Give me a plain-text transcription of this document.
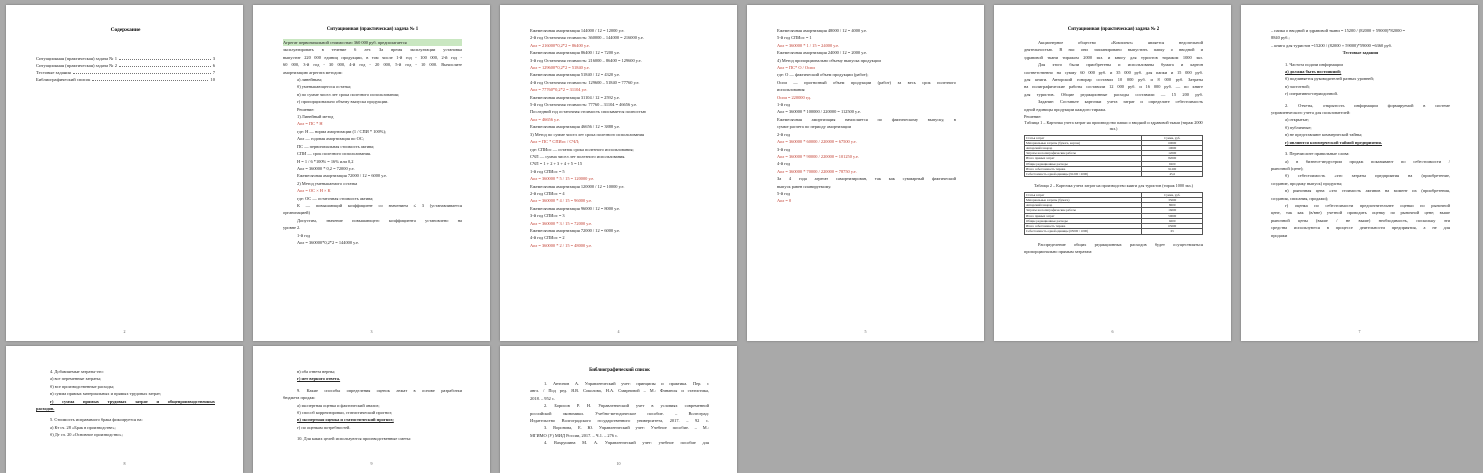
Содержание
Ситуационная (практическая) задача № 1	3
Ситуационная (практическая) задача № 2	6
Тестовые задания	7
Библиографический список	10
2
Ситуационная (практическая) задача № 1
Агрегат первоначальной стоимостью 360 000 руб. предполагается
эксплуатировать в течение 6 лет. За время эксплуатации установка
выпустит 220 000 единиц продукции, в том числе 1-й год - 100 000, 2-й год -
60 000, 3-й год - 30 000, 4-й год - 20 000, 5-й год - 10 000. Вычислите
амортизацию агрегата методом:
а) линейным;
б) уменьшающегося остатка;
в) по сумме чисел лет срока полезного использования;
г) пропорционально объему выпуска продукции.
Решение:
1) Линейный метод
Аол = ПС * Н
где: Н — норма амортизации (1 / СПИ * 100%);
Аол — годовая амортизация по ОС;
ПС — первоначальная стоимость актива;
СПИ — срок полезного использования.
Н = 1 / 6 *100% = 16% или 0,2
Аол = 360000 * 0,2 = 72000 у.е.
Ежемесячная амортизация 72000 / 12 = 6000 у.е.
2) Метод уменьшаемого остатка
Аол = ОС × Н × К
где: ОС — остаточная стоимость актива;
К — повышающий коэффициент со значением ≤ 3 (устанавливается
организацией)
Допустим, значение повышающего коэффициента установлено на
уровне 2.
1-й год
Аол = 360000*0,2*2 = 144000 у.е.
3
Ежемесячная амортизация 144000 / 12 = 12000 у.е.
2-й год Остаточная стоимость: 360000 – 144000 = 216000 у.е.
Аол = 216000*0,2*2 = 86400 у.е.
Ежемесячная амортизация 86400 / 12 = 7200 у.е.
3-й год Остаточная стоимость: 216000 – 86400 = 129600 у.е.
Аол = 129600*0,2*2 = 51840 у.е.
Ежемесячная амортизация 51840 / 12 = 4320 у.е.
4-й год Остаточная стоимость: 129600 – 51840 = 77760 у.е.
Аол = 77760*0,2*2 = 31104 у.е.
Ежемесячная амортизация 31104 / 12 = 2592 у.е.
5-й год Остаточная стоимость: 77760 – 31104 = 46656 у.е.
Последний год остаточная стоимость списывается полностью
Аол = 46656 у.е.
Ежемесячная амортизация 46656 / 12 = 3888 у.е.
3) Метод по сумме чисел лет срока полезного использования
Аол = ПС * СПИос / СЧЛ;
где: СПИос — остаток срока полезного использования;
СЧЛ — сумма чисел лет полезного использования.
СЧЛ = 1 + 2 + 3 + 4 + 5 = 15
1-й год СПИос = 5
Аол = 360000 * 5 / 15 = 120000 у.е.
Ежемесячная амортизация 120000 / 12 = 10000 у.е.
2-й год СПИос = 4
Аол = 360000 * 4 / 15 = 96000 у.е.
Ежемесячная амортизация 96000 / 12 = 8000 у.е.
3-й год СПИос = 3
Аол = 360000 * 3 / 15 = 72000 у.е.
Ежемесячная амортизация 72000 / 12 = 6000 у.е.
4-й год СПИос = 2
Аол = 360000 * 2 / 15 = 48000 у.е.
4
Ежемесячная амортизация 48000 / 12 = 4000 у.е.
5-й год СПИос = 1
Аол = 360000 * 1 / 15 = 24000 у.е.
Ежемесячная амортизация 24000 / 12 = 2000 у.е.
4) Метод пропорционально объему выпуска продукции
Аол = ПС* О / Оспи
где: О — фактический объем продукции (работ);
Оспи — прогнозный объем продукции (работ) за весь срок полезного
использования
Оспи = 220000 ед.
1-й год
Аол = 360000 * 100000 / 220000 = 112500 у.е.
Ежемесячная амортизация начисляется по фактическому выпуску, в
сумме расчета по периоду амортизации
2-й год
Аол = 360000 * 60000 / 220000 = 67500 у.е.
3-й год
Аол = 360000 * 90000 / 220000 = 101250 у.е.
4-й год
Аол = 360000 * 70000 / 220000 = 78750 у.е.
За 4 года агрегат самортизирован, так как суммарный фактический
выпуск равен планируемому.
5-й год
Аол = 0
5
Ситуационная (практическая) задача № 2
Акционерное общество «Комплект» является недопельной
деятельностью. В нас они запланировано выпустить папку о вводной и
здравовой ткани тиражом 2000 экз. и книгу для туристов тиражом 1000 экз.
Для этого были приобретены и использованы бумага и картон
соответственно на сумму 60 000 руб. и 35 000 руб. для папки и 15 000 руб.
для книги. Авторский гонорар составил 10 000 руб. и 8 000 руб. Затраты
на полиграфические работы составили 12 000 руб. и 16 000 руб. — по книге
для туристов. Общие редакционные расходы составили — 15 200 руб.
Задание: Составьте карточки учета затрат и определите себестоимость
одной единицы продукции каждого тиража.
Решение:
Таблица 1 – Карточка учета затрат на производство папки о вводной и здравовой ткани (тираж 2000 экз.)
Статья затрат	Сумма, руб.
Материальные затраты (бумага, картон)	60000
Авторский гонорар	10000
Затраты на полиграфические работы	12000
Итого прямых затрат	82000
Общие редакционные расходы	9200
Итого себестоимость тиража	91200
Себестоимость одной единицы (91200 / 2000)	45,6
Таблица 2 – Карточка учета затрат на производство книги для туристов (тираж 1000 экз.)
Статья затрат	Сумма, руб.
Материальные затраты (бумага)	35000
Авторский гонорар	8000
Затраты на полиграфические работы	16000
Итого прямых затрат	59000
Общие редакционные расходы	6000
Итого себестоимость тиража	65000
Себестоимость одной единицы (65000 / 1000)	65
Распределение общих редакционных расходов будет осуществляться
пропорционально прямым затратам:
6
– папка о вводной и здравовой ткани = 15200 / (82000 + 59000)*82000 =
8840 руб.;
– книга для туристов =15200 / (82000 + 59000)*59000 =6360 руб.
Тестовые задания
1. Частота подачи информации
а) должна быть постоянной;
б) подчиняется руководителей разных уровней;
в) частотной;
г) оперативно-периодичной.
2. Отчеты, открытость информации формируемой в системе
управленческого учета для пользователей:
а) открытые;
б) публичные;
в) не представляют коммерческой тайны;
г) являются коммерческой тайной предприятия.
3. Перечислите правильные слова:
а) в бизнесе-индустрии продаж показывают по себестоимости /
рыночной (цене);
б) себестоимость «это затраты предприятия на (приобретение,
создание, продажу выпуск) продукты;
в) рыночная цена «это стоимость активов на момент их (приобретения,
создания, списания, продажи);
г) оценка по себестоимости предпочтительнее оценки по рыночной
цене, так как (в/вне) учетной проводить оценку по рыночной цене; выше
рыночной цены (выше / не выше) необходимость, поскольку эти
средства используются в процессе деятельности предприятия, а не для
продажи
7
4. Добавляемые затраты-это:
а) все переменные затраты;
б) все производственные расходы;
в) сумма прямых материальных и прямых трудовых затрат;
г) сумма прямых трудовых затрат и общепроизводственных
расходов.
5. Стоимость исправимого брака фиксируется на:
а) Кт сч. 28 «Брак в производстве»;
б) Дт сч. 20 «Основное производство»;
8
в) оба ответа верны;
г) нет верного ответа.
9. Какие способы определения оценок лежат в основе разработки
бюджета продаж:
а) экспертная оценка и фактический анализ;
б) способ корректировки, статистический прогноз;
в) экспертная оценка и статистический прогноз;
г) по оценкам потребностей.
10. Для каких целей используются производственные сметы:
9
Библиографический список
1. Антонов А. Управленческий учет: принципы и практика. Пер. с
англ. / Под ред. Я.В. Соколова, Н.А. Смирновой – М.: Финансы и статистика,
2018. – 952 с.
2. Борисов Р. Н. Управленческий учет в условиях современной
российской экономики. Учебно-методическое пособие. – Волгоград:
Издательство Волгоградского государственного университета, 2017. – 92 с.
3. Воронова, Е. Ю. Управленческий учет: Учебное пособие. – М.:
МГИМО (У) МИД России, 2017. – Ч.1. – 276 с.
4. Вахрушина М. А. Управленческий учет: учебное пособие для
10
